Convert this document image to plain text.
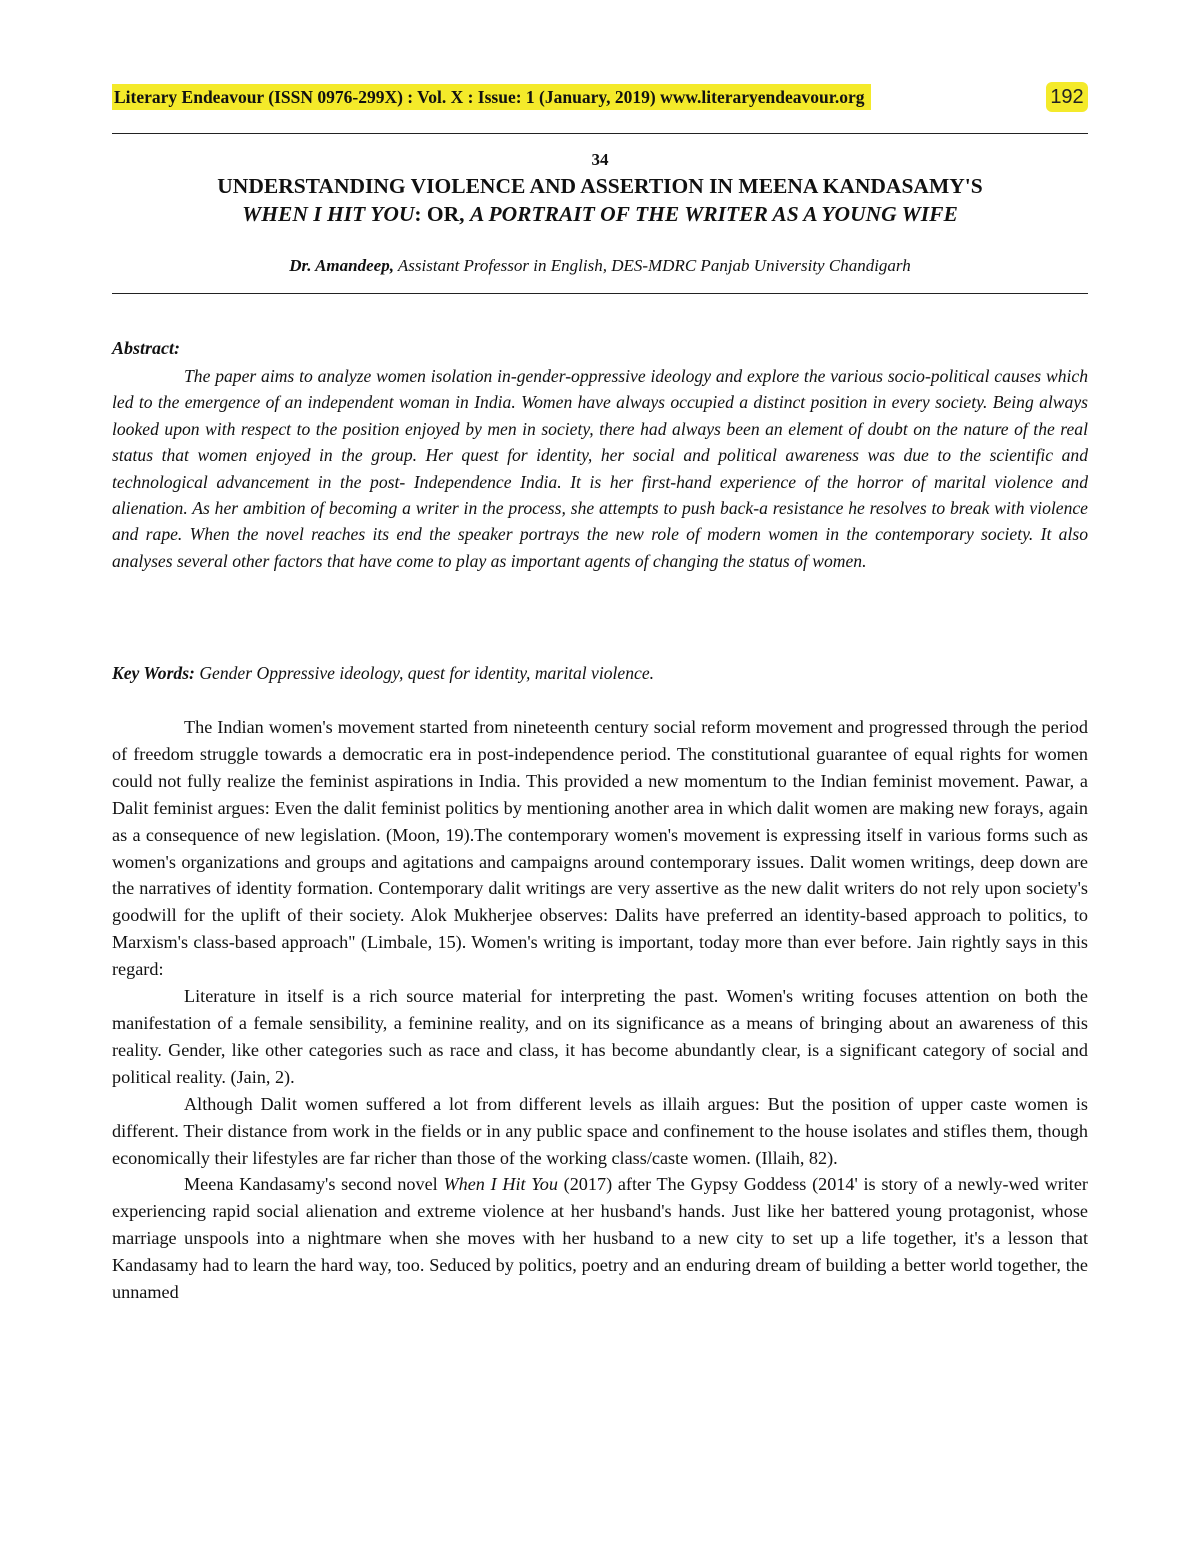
Literary Endeavour (ISSN 0976-299X) : Vol. X : Issue: 1 (January, 2019) www.literaryendeavour.org	192
34
UNDERSTANDING VIOLENCE AND ASSERTION IN MEENA KANDASAMY'S
WHEN I HIT YOU: OR, A PORTRAIT OF THE WRITER AS A YOUNG WIFE
Dr. Amandeep, Assistant Professor in English, DES-MDRC Panjab University Chandigarh
Abstract:

The paper aims to analyze women isolation in-gender-oppressive ideology and explore the various socio-political causes which led to the emergence of an independent woman in India. Women have always occupied a distinct position in every society. Being always looked upon with respect to the position enjoyed by men in society, there had always been an element of doubt on the nature of the real status that women enjoyed in the group. Her quest for identity, her social and political awareness was due to the scientific and technological advancement in the post- Independence India. It is her first-hand experience of the horror of marital violence and alienation. As her ambition of becoming a writer in the process, she attempts to push back-a resistance he resolves to break with violence and rape. When the novel reaches its end the speaker portrays the new role of modern women in the contemporary society. It also analyses several other factors that have come to play as important agents of changing the status of women.

Key Words: Gender Oppressive ideology, quest for identity, marital violence.

The Indian women's movement started from nineteenth century social reform movement and progressed through the period of freedom struggle towards a democratic era in post-independence period. The constitutional guarantee of equal rights for women could not fully realize the feminist aspirations in India. This provided a new momentum to the Indian feminist movement. Pawar, a Dalit feminist argues: Even the dalit feminist politics by mentioning another area in which dalit women are making new forays, again as a consequence of new legislation. (Moon, 19).The contemporary women's movement is expressing itself in various forms such as women's organizations and groups and agitations and campaigns around contemporary issues. Dalit women writings, deep down are the narratives of identity formation. Contemporary dalit writings are very assertive as the new dalit writers do not rely upon society's goodwill for the uplift of their society. Alok Mukherjee observes: Dalits have preferred an identity-based approach to politics, to Marxism's class-based approach" (Limbale, 15). Women's writing is important, today more than ever before. Jain rightly says in this regard:

Literature in itself is a rich source material for interpreting the past. Women's writing focuses attention on both the manifestation of a female sensibility, a feminine reality, and on its significance as a means of bringing about an awareness of this reality. Gender, like other categories such as race and class, it has become abundantly clear, is a significant category of social and political reality. (Jain, 2).

Although Dalit women suffered a lot from different levels as illaih argues: But the position of upper caste women is different. Their distance from work in the fields or in any public space and confinement to the house isolates and stifles them, though economically their lifestyles are far richer than those of the working class/caste women. (Illaih, 82).

Meena Kandasamy's second novel When I Hit You (2017) after The Gypsy Goddess (2014' is story of a newly-wed writer experiencing rapid social alienation and extreme violence at her husband's hands. Just like her battered young protagonist, whose marriage unspools into a nightmare when she moves with her husband to a new city to set up a life together, it's a lesson that Kandasamy had to learn the hard way, too. Seduced by politics, poetry and an enduring dream of building a better world together, the unnamed
